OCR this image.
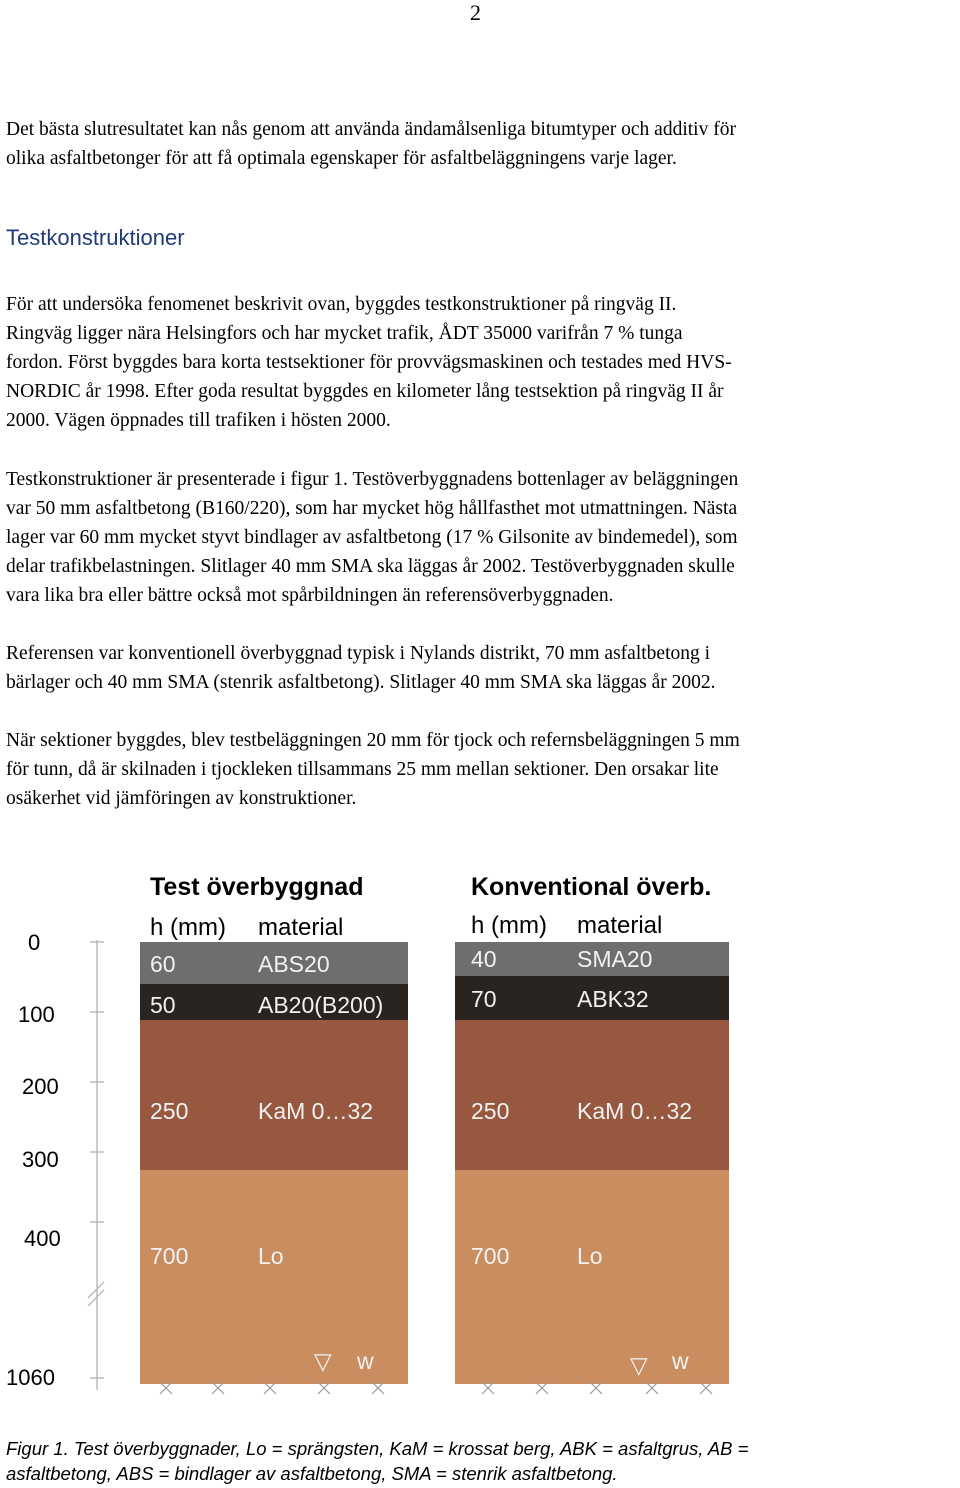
2
Det bästa slutresultatet kan nås genom att använda ändamålsenliga bitumtyper och additiv för
olika asfaltbetonger för att få optimala egenskaper för asfaltbeläggningens varje lager.
Testkonstruktioner
För att undersöka fenomenet beskrivit ovan, byggdes testkonstruktioner på ringväg II.
Ringväg ligger nära Helsingfors och har mycket trafik, ÅDT 35000 varifrån 7 % tunga
fordon. Först byggdes bara korta testsektioner för provvägsmaskinen och testades med HVS-
NORDIC år 1998. Efter goda resultat byggdes en kilometer lång testsektion på ringväg II år
2000. Vägen öppnades till trafiken i hösten 2000.
Testkonstruktioner är presenterade i figur 1. Testöverbyggnadens bottenlager av beläggningen
var 50 mm asfaltbetong (B160/220), som har mycket hög hållfasthet mot utmattningen. Nästa
lager var 60 mm mycket styvt bindlager av asfaltbetong (17 % Gilsonite av bindemedel), som
delar trafikbelastningen. Slitlager 40 mm SMA ska läggas år 2002. Testöverbyggnaden skulle
vara lika bra eller bättre också mot spårbildningen än referensöverbyggnaden.
Referensen var konventionell överbyggnad typisk i Nylands distrikt, 70 mm asfaltbetong i
bärlager och 40 mm SMA (stenrik asfaltbetong). Slitlager 40 mm SMA ska läggas år 2002.
När sektioner byggdes, blev testbeläggningen 20 mm för tjock och refernsbeläggningen 5 mm
för tunn, då är skilnaden i tjockleken tillsammans 25 mm mellan sektioner. Den orsakar lite
osäkerhet vid jämföringen av konstruktioner.
0
100
200
300
400
1060
Test överbyggnad
h (mm) material
60	ABS20
50	AB20(B200)
250	KaM 0…32
700	Lo
▽ w
Konventional överb.
h (mm) material
40	SMA20
70	ABK32
250	KaM 0…32
700	Lo
▽ w
Figur 1. Test överbyggnader, Lo = sprängsten, KaM = krossat berg, ABK = asfaltgrus, AB =
asfaltbetong, ABS = bindlager av asfaltbetong, SMA = stenrik asfaltbetong.
